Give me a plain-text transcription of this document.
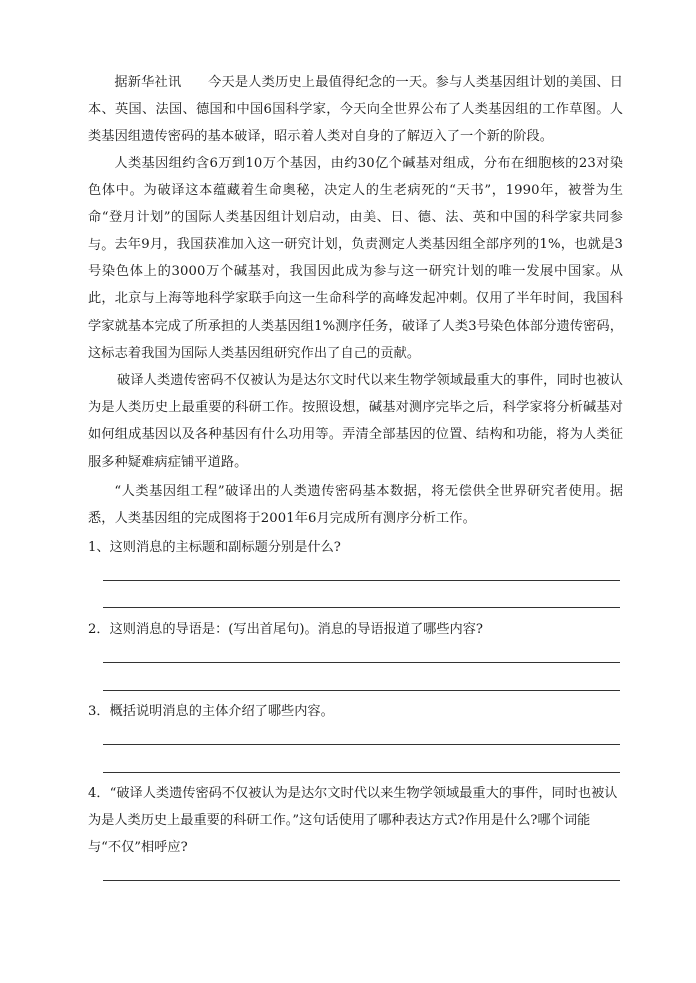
据新华社讯　　今天是人类历史上最值得纪念的一天。参与人类基因组计划的美国、日本、英国、法国、德国和中国6国科学家，今天向全世界公布了人类基因组的工作草图。人类基因组遗传密码的基本破译，昭示着人类对自身的了解迈入了一个新的阶段。

人类基因组约含6万到10万个基因，由约30亿个碱基对组成，分布在细胞核的23对染色体中。为破译这本蕴藏着生命奥秘，决定人的生老病死的“天书”，1990年，被誉为生命“登月计划”的国际人类基因组计划启动，由美、日、德、法、英和中国的科学家共同参与。 去年9月，我国获准加入这一研究计划，负责测定人类基因组全部序列的1%，也就是3号染色体上的3000万个碱基对，我国因此成为参与这一研究计划的唯一发展中国家。从此，北京与上海等地科学家联手向这一生命科学的高峰发起冲刺。仅用了半年时间，我国科学家就基本完成了所承担的人类基因组1%测序任务，破译了人类3号染色体部分遗传密码，这标志着我国为国际人类基因组研究作出了自己的贡献。

破译人类遗传密码不仅被认为是达尔文时代以来生物学领域最重大的事件，同时也被认为是人类历史上最重要的科研工作。按照设想，碱基对测序完毕之后，科学家将分析碱基对如何组成基因以及各种基因有什么功用等。弄清全部基因的位置、结构和功能，将为人类征服多种疑难病症铺平道路。

“人类基因组工程”破译出的人类遗传密码基本数据，将无偿供全世界研究者使用。据悉，人类基因组的完成图将于2001年6月完成所有测序分析工作。

1、这则消息的主标题和副标题分别是什么?

2．这则消息的导语是：(写出首尾句)。消息的导语报道了哪些内容?

3．概括说明消息的主体介绍了哪些内容。

4．“破译人类遗传密码不仅被认为是达尔文时代以来生物学领域最重大的事件，同时也被认为是人类历史上最重要的科研工作。”这句话使用了哪种表达方式?作用是什么?哪个词能与“不仅”相呼应?
